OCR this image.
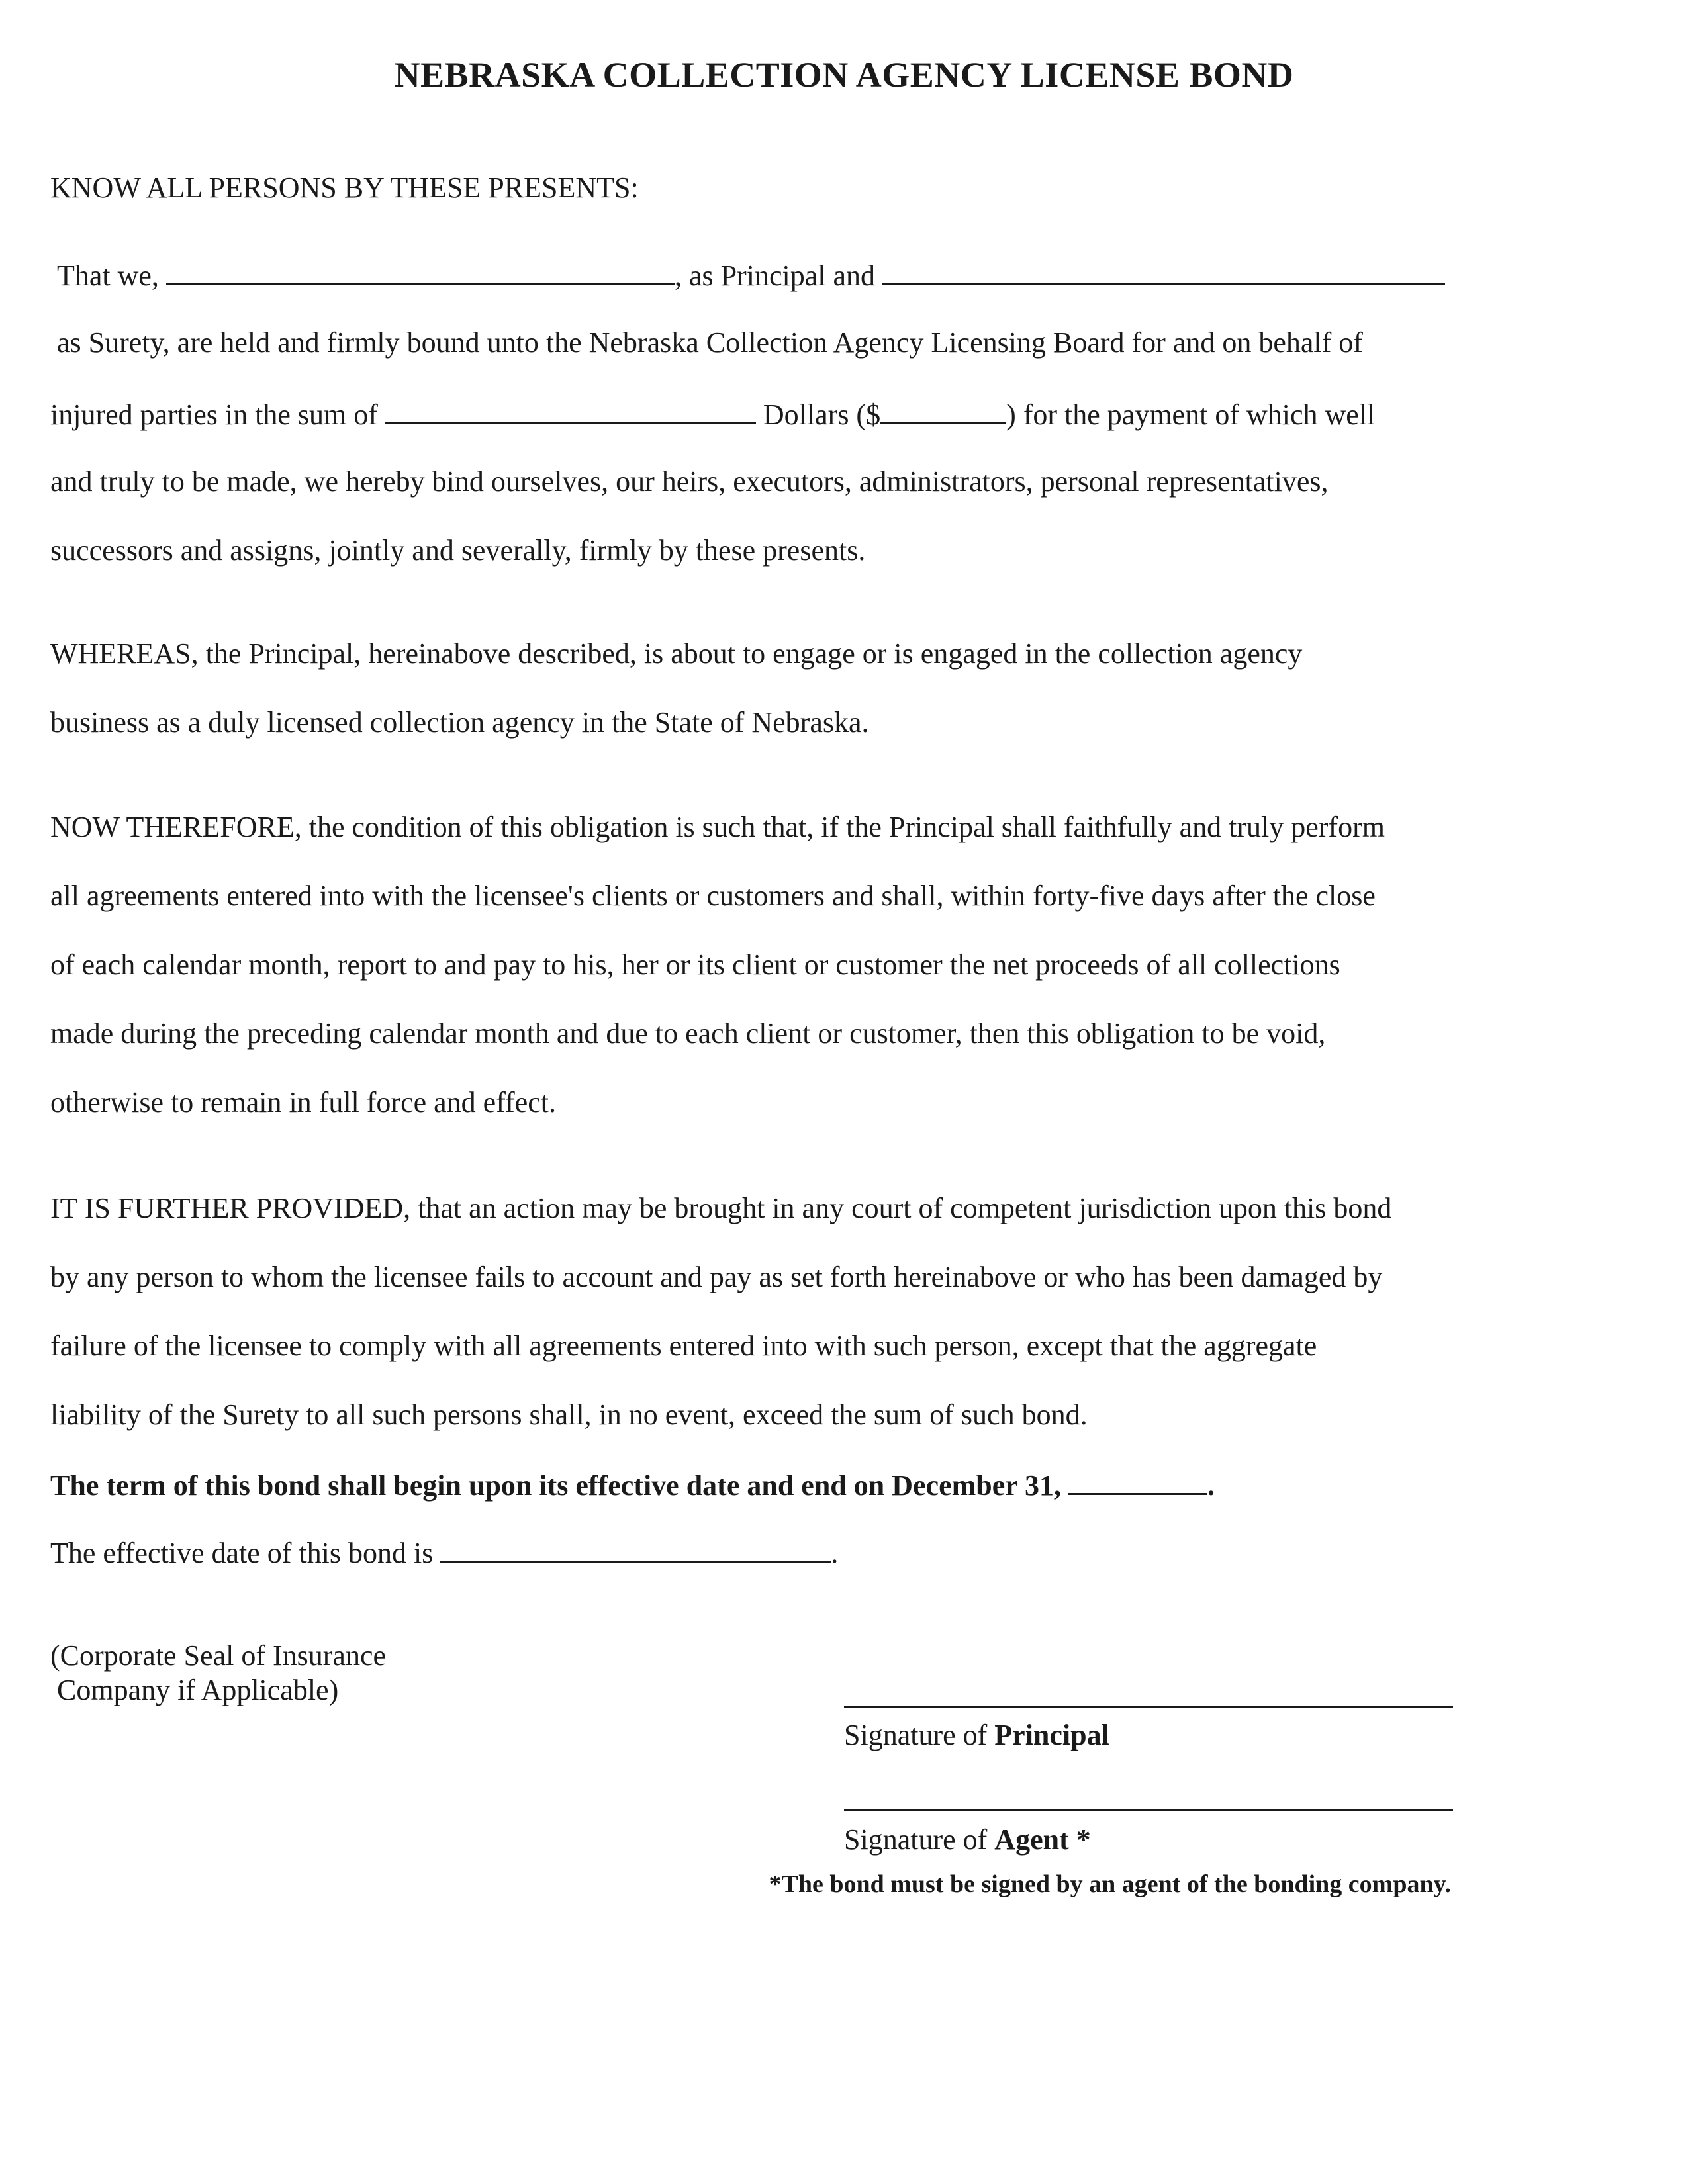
NEBRASKA COLLECTION AGENCY LICENSE BOND
KNOW ALL PERSONS BY THESE PRESENTS:
That we,	, as Principal and
as Surety, are held and firmly bound unto the Nebraska Collection Agency Licensing Board for and on behalf of
injured parties in the sum of	Dollars ($	) for the payment of which well
and truly to be made, we hereby bind ourselves, our heirs, executors, administrators, personal representatives,
successors and assigns, jointly and severally, firmly by these presents.
WHEREAS, the Principal, hereinabove described, is about to engage or is engaged in the collection agency
business as a duly licensed collection agency in the State of Nebraska.
NOW THEREFORE, the condition of this obligation is such that, if the Principal shall faithfully and truly perform
all agreements entered into with the licensee's clients or customers and shall, within forty-five days after the close
of each calendar month, report to and pay to his, her or its client or customer the net proceeds of all collections
made during the preceding calendar month and due to each client or customer, then this obligation to be void,
otherwise to remain in full force and effect.
IT IS FURTHER PROVIDED, that an action may be brought in any court of competent jurisdiction upon this bond
by any person to whom the licensee fails to account and pay as set forth hereinabove or who has been damaged by
failure of the licensee to comply with all agreements entered into with such person, except that the aggregate
liability of the Surety to all such persons shall, in no event, exceed the sum of such bond.
The term of this bond shall begin upon its effective date and end on December 31,	.
The effective date of this bond is	.
(Corporate Seal of Insurance
Company if Applicable)
Signature of Principal
Signature of Agent *
*The bond must be signed by an agent of the bonding company.
